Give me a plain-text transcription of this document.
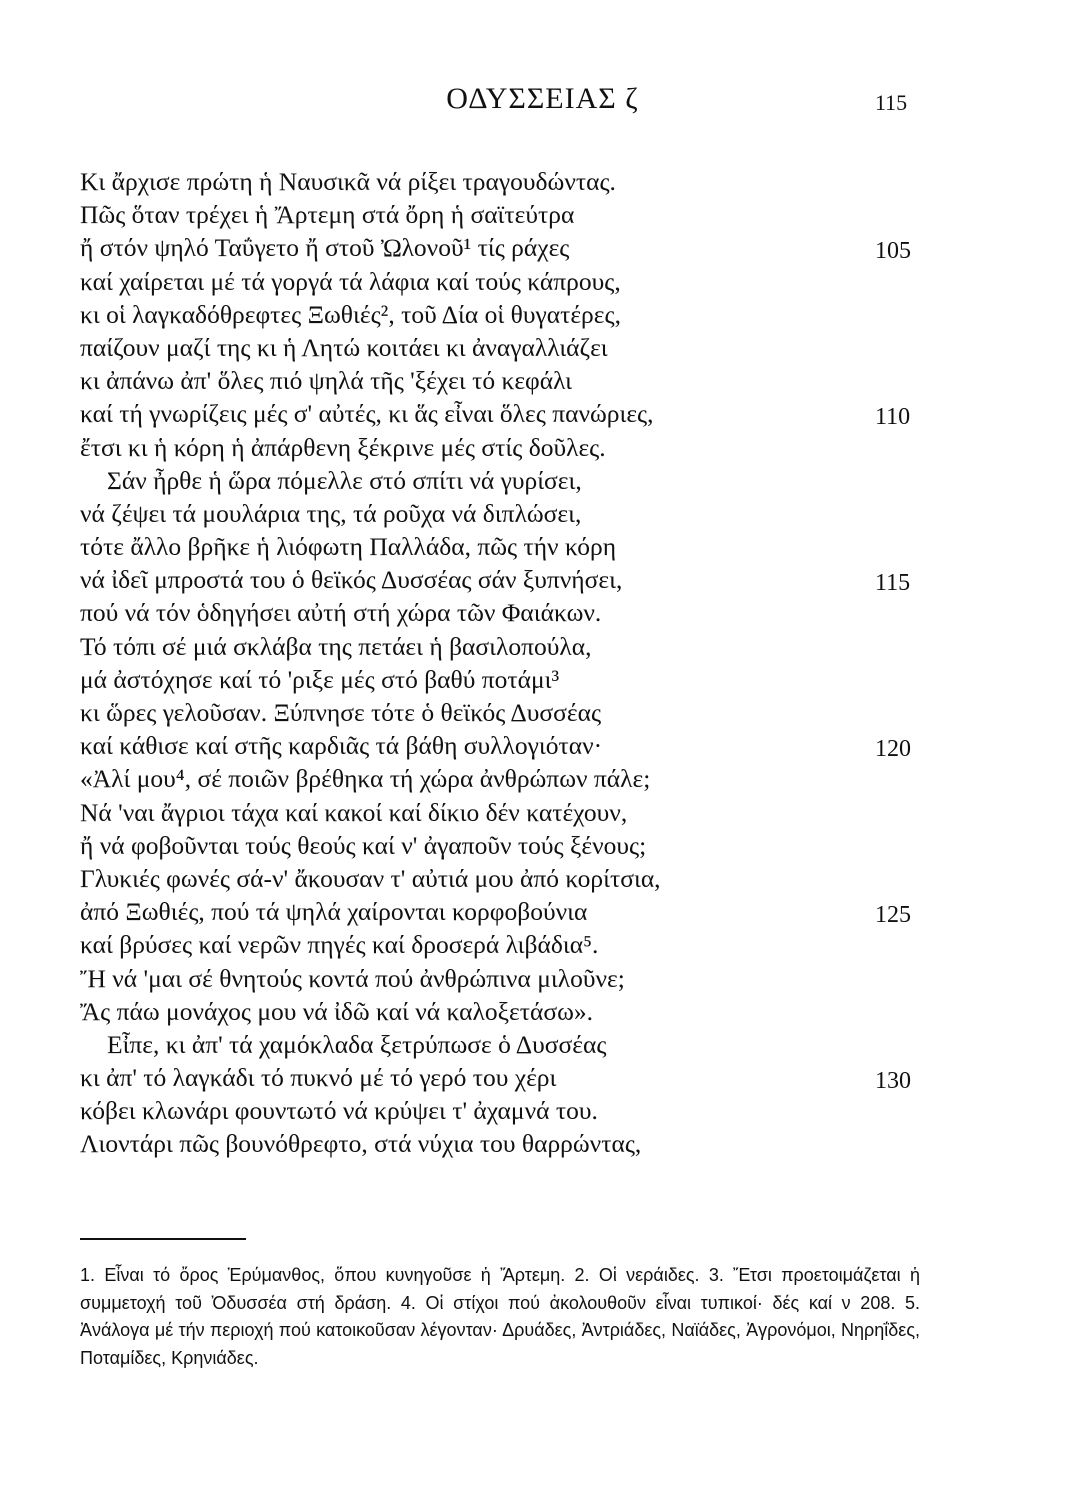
ΟΔΥΣΣΕΙΑΣ ζ	115
Κι ἄρχισε πρώτη ἡ Ναυσικᾶ νά ρίξει τραγουδώντας.
Πῶς ὅταν τρέχει ἡ Ἄρτεμη στά ὄρη ἡ σαϊτεύτρα
ἤ στόν ψηλό Ταΰγετο ἤ στοῦ Ὠλονοῦ¹ τίς ράχες	105
καί χαίρεται μέ τά γοργά τά λάφια καί τούς κάπρους,
κι οἱ λαγκαδόθρεφτες Ξωθιές², τοῦ Δία οἱ θυγατέρες,
παίζουν μαζί της κι ἡ Λητώ κοιτάει κι ἀναγαλλιάζει
κι ἀπάνω ἀπ' ὅλες πιό ψηλά τῆς 'ξέχει τό κεφάλι
καί τή γνωρίζεις μές σ' αὐτές, κι ἅς εἶναι ὅλες πανώριες,	110
ἔτσι κι ἡ κόρη ἡ ἀπάρθενη ξέκρινε μές στίς δοῦλες.
Σάν ἦρθε ἡ ὥρα πόμελλε στό σπίτι νά γυρίσει,
νά ζέψει τά μουλάρια της, τά ροῦχα νά διπλώσει,
τότε ἄλλο βρῆκε ἡ λιόφωτη Παλλάδα, πῶς τήν κόρη
νά ἰδεῖ μπροστά του ὁ θεϊκός Δυσσέας σάν ξυπνήσει,	115
πού νά τόν ὁδηγήσει αὐτή στή χώρα τῶν Φαιάκων.
Τό τόπι σέ μιά σκλάβα της πετάει ἡ βασιλοπούλα,
μά ἀστόχησε καί τό 'ριξε μές στό βαθύ ποτάμι³
κι ὥρες γελοῦσαν. Ξύπνησε τότε ὁ θεϊκός Δυσσέας
καί κάθισε καί στῆς καρδιᾶς τά βάθη συλλογιόταν·	120
«Ἀλί μου⁴, σέ ποιῶν βρέθηκα τή χώρα ἀνθρώπων πάλε;
Νά 'ναι ἄγριοι τάχα καί κακοί καί δίκιο δέν κατέχουν,
ἤ νά φοβοῦνται τούς θεούς καί ν' ἀγαποῦν τούς ξένους;
Γλυκιές φωνές σά-ν' ἄκουσαν τ' αὐτιά μου ἀπό κορίτσια,
ἀπό Ξωθιές, πού τά ψηλά χαίρονται κορφοβούνια	125
καί βρύσες καί νερῶν πηγές καί δροσερά λιβάδια⁵.
Ἤ νά 'μαι σέ θνητούς κοντά πού ἀνθρώπινα μιλοῦνε;
Ἄς πάω μονάχος μου νά ἰδῶ καί νά καλοξετάσω».
Εἶπε, κι ἀπ' τά χαμόκλαδα ξετρύπωσε ὁ Δυσσέας
κι ἀπ' τό λαγκάδι τό πυκνό μέ τό γερό του χέρι	130
κόβει κλωνάρι φουντωτό νά κρύψει τ' ἀχαμνά του.
Λιοντάρι πῶς βουνόθρεφτο, στά νύχια του θαρρώντας,
1. Εἶναι τό ὄρος Ἐρύμανθος, ὅπου κυνηγοῦσε ἡ Ἄρτεμη. 2. Οἱ νεράιδες. 3. Ἔτσι προετοιμάζεται ἡ συμμετοχή τοῦ Ὀδυσσέα στή δράση. 4. Οἱ στίχοι πού ἀκολουθοῦν εἶναι τυπικοί· δές καί ν 208. 5. Ἀνάλογα μέ τήν περιοχή πού κατοικοῦσαν λέγονταν· Δρυάδες, Ἀντριάδες, Ναϊάδες, Ἀγρονόμοι, Νηρηΐδες, Ποταμίδες, Κρηνιάδες.
